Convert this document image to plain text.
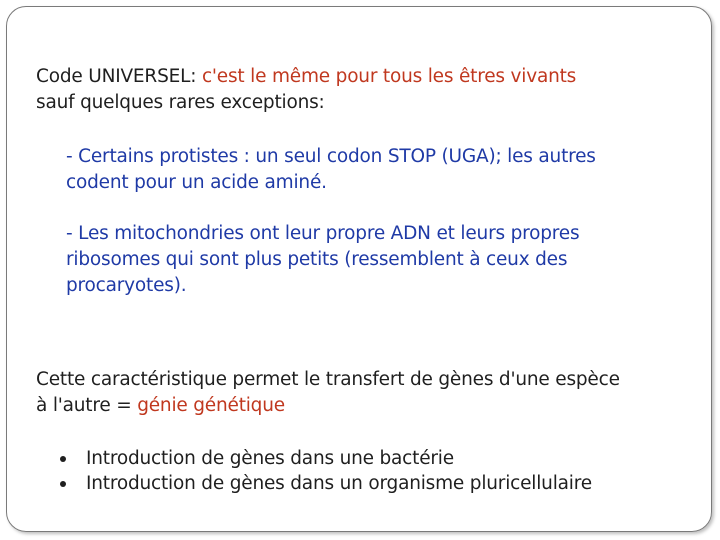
Code UNIVERSEL: c'est le même pour tous les êtres vivants
sauf quelques rares exceptions:
- Certains protistes : un seul codon STOP (UGA); les autres
codent pour un acide aminé.
- Les mitochondries ont leur propre ADN et leurs propres
ribosomes qui sont plus petits (ressemblent à ceux des
procaryotes).
Cette caractéristique permet le transfert de gènes d'une espèce
à l'autre = génie génétique
Introduction de gènes dans une bactérie
Introduction de gènes dans un organisme pluricellulaire
